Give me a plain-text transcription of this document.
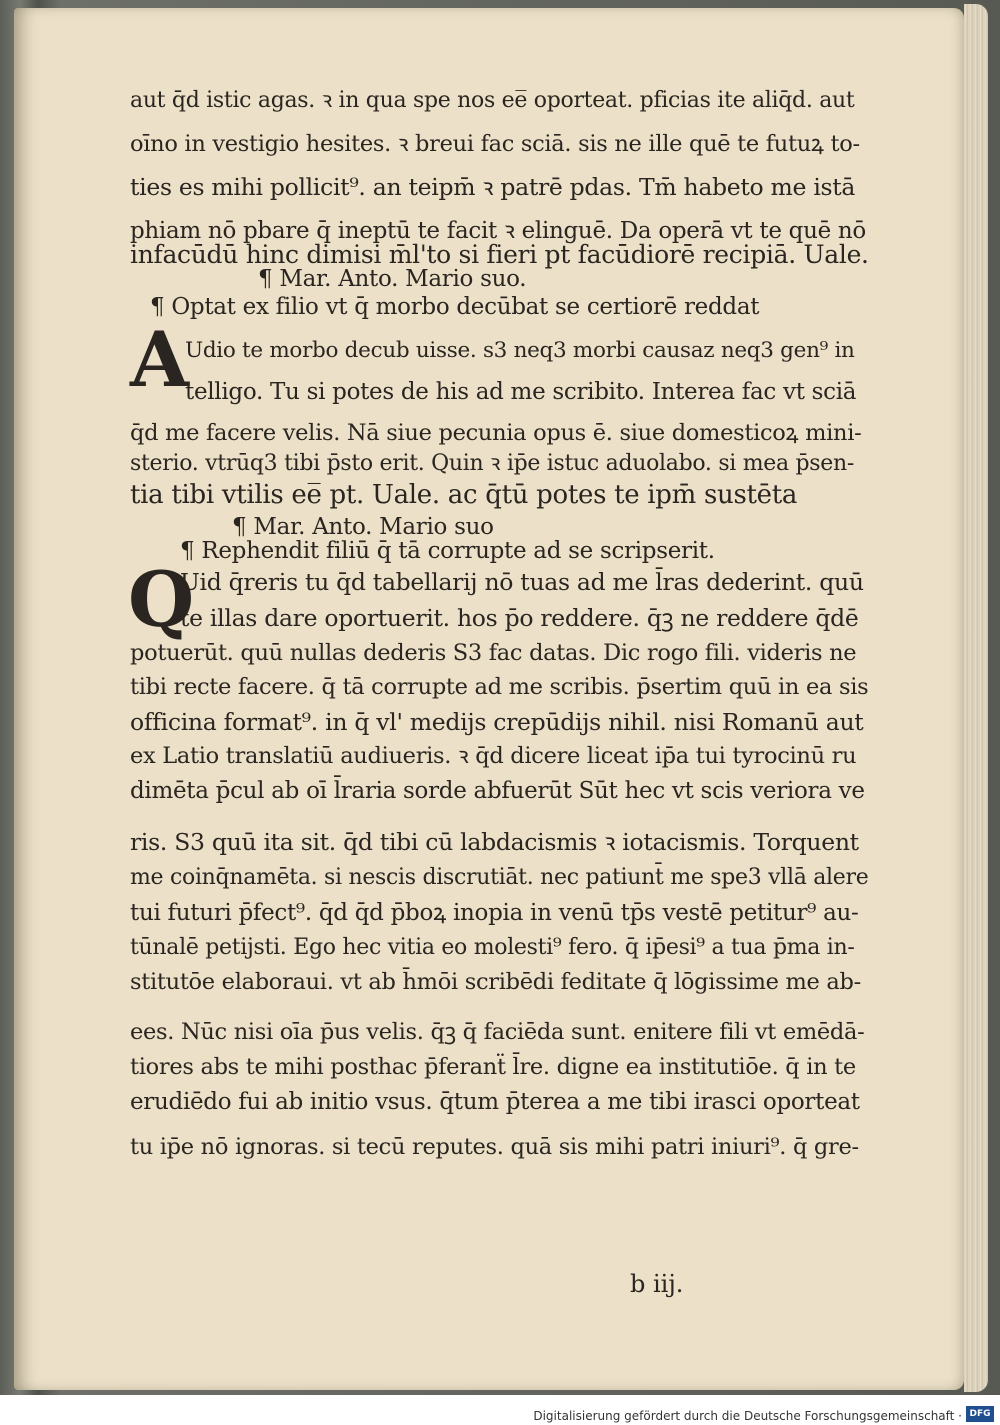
aut q̄d istic agas. ꝛ in qua spe nos ee̅ oporteat. pficias ite aliq̄d. aut
oīno in vestigio hesites. ꝛ breui fac sciā. sis ne ille quē te futuꝝ to-
ties es mihi pollicit⁹. an teipm̄ ꝛ patrē pdas. Tm̄ habeto me istā
phiam nō pbare q̄ ineptū te facit ꝛ elinguē. Da operā vt te quē nō
infacūdū hinc dimisi m̄l'to si fieri pt facūdiorē recipiā. Uale.
¶ Mar. Anto. Mario suo.
¶ Optat ex filio vt q̄ morbo decūbat se certiorē reddat
A
Udio te morbo decub uisse. s3 neq3 morbi causaz neq3 gen⁹ in
telligo. Tu si potes de his ad me scribito. Interea fac vt sciā
q̄d me facere velis. Nā siue pecunia opus ē. siue domesticoꝝ mini-
sterio. vtrūq3 tibi p̄sto erit. Quin ꝛ ip̄e istuc aduolabo. si mea p̄sen-
tia tibi vtilis ee̅ pt. Uale. ac q̄tū potes te ipm̄ sustēta
¶ Mar. Anto. Mario suo
¶ Rephendit filiū q̄ tā corrupte ad se scripserit.
Q
Uid q̄reris tu q̄d tabellarij nō tuas ad me l̄ras dederint. quū
te illas dare oportuerit. hos p̄o reddere. q̄ꝫ ne reddere q̄dē
potuerūt. quū nullas dederis S3 fac datas. Dic rogo fili. videris ne
tibi recte facere. q̄ tā corrupte ad me scribis. p̄sertim quū in ea sis
officina format⁹. in q̄ vl' medijs crepūdijs nihil. nisi Romanū aut
ex Latio translatiū audiueris. ꝛ q̄d dicere liceat ip̄a tui tyrocinū ru
dimēta p̄cul ab oī l̄raria sorde abfuerūt Sūt hec vt scis veriora ve
ris. S3 quū ita sit. q̄d tibi cū labdacismis ꝛ iotacismis. Torquent
me coinq̄namēta. si nescis discrutiāt. nec patiunt̄ me spe3 vllā alere
tui futuri p̄fect⁹. q̄d q̄d p̄boꝝ inopia in venū tp̄s vestē petitur⁹ au-
tūnalē petijsti. Ego hec vitia eo molesti⁹ fero. q̄ ip̄esi⁹ a tua p̄ma in-
stitutōe elaboraui. vt ab h̄mōi scribēdi feditate q̄ lōgissime me ab-
ees. Nūc nisi oīa p̄us velis. q̄ꝫ q̄ faciēda sunt. enitere fili vt emēdā-
tiores abs te mihi posthac p̄feranẗ l̄re. digne ea institutiōe. q̄ in te
erudiēdo fui ab initio vsus. q̄tum p̄terea a me tibi irasci oporteat
tu ip̄e nō ignoras. si tecū reputes. quā sis mihi patri iniuri⁹. q̄ gre-
b iij.
Digitalisierung gefördert durch die Deutsche Forschungsgemeinschaft · DFG
